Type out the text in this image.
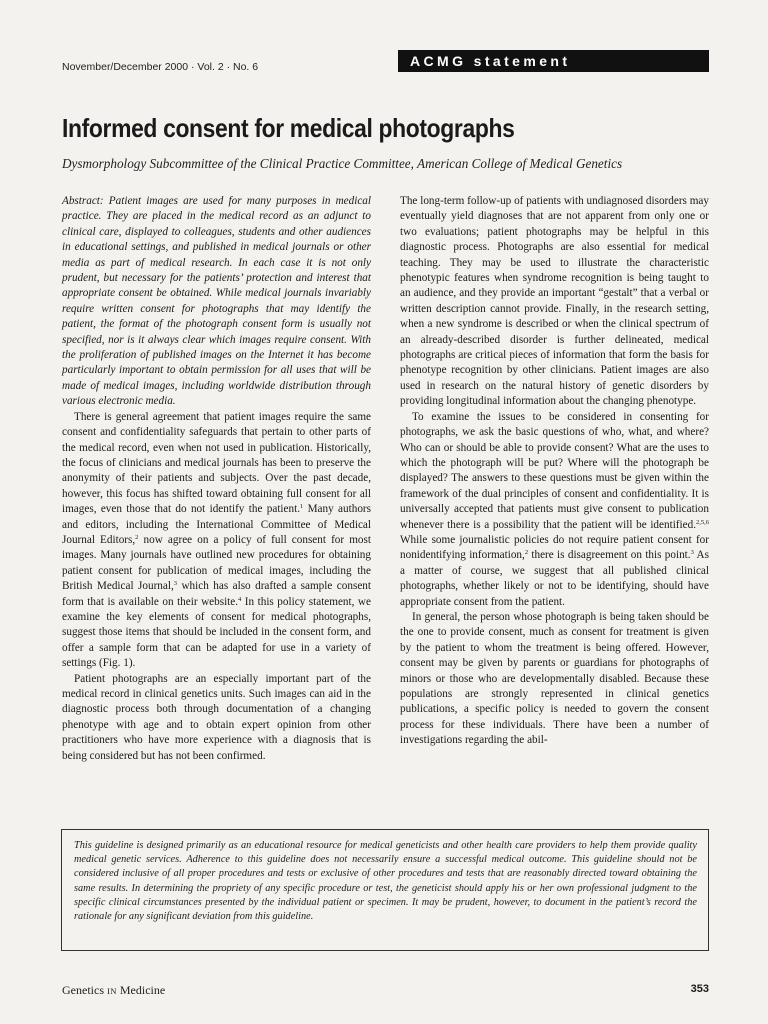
November/December 2000 · Vol. 2 · No. 6	ACMG statement
Informed consent for medical photographs
Dysmorphology Subcommittee of the Clinical Practice Committee, American College of Medical Genetics

Abstract: Patient images are used for many purposes in medical practice. They are placed in the medical record as an adjunct to clinical care, displayed to colleagues, students and other audiences in educational settings, and published in medical journals or other media as part of medical research. In each case it is not only prudent, but necessary for the patients’ protection and interest that appropriate consent be obtained. While medical journals invariably require written consent for photographs that may identify the patient, the format of the photograph consent form is usually not specified, nor is it always clear which images require consent. With the proliferation of published images on the Internet it has become particularly important to obtain permission for all uses that will be made of medical images, including worldwide distribution through various electronic media.

There is general agreement that patient images require the same consent and confidentiality safeguards that pertain to other parts of the medical record, even when not used in publication. Historically, the focus of clinicians and medical journals has been to preserve the anonymity of their patients and subjects. Over the past decade, however, this focus has shifted toward obtaining full consent for all images, even those that do not identify the patient.$^1$ Many authors and editors, including the International Committee of Medical Journal Editors,$^2$ now agree on a policy of full consent for most images. Many journals have outlined new procedures for obtaining patient consent for publication of medical images, including the British Medical Journal,$^3$ which has also drafted a sample consent form that is available on their website.$^4$ In this policy statement, we examine the key elements of consent for medical photographs, suggest those items that should be included in the consent form, and offer a sample form that can be adapted for use in a variety of settings (Fig. 1).

Patient photographs are an especially important part of the medical record in clinical genetics units. Such images can aid in the diagnostic process both through documentation of a changing phenotype with age and to obtain expert opinion from other practitioners who have more experience with a diagnosis that is being considered but has not been confirmed.

The long-term follow-up of patients with undiagnosed disorders may eventually yield diagnoses that are not apparent from only one or two evaluations; patient photographs may be helpful in this diagnostic process. Photographs are also essential for medical teaching. They may be used to illustrate the characteristic phenotypic features when syndrome recognition is being taught to an audience, and they provide an important “gestalt” that a verbal or written description cannot provide. Finally, in the research setting, when a new syndrome is described or when the clinical spectrum of an already-described disorder is further delineated, medical photographs are critical pieces of information that form the basis for phenotype recognition by other clinicians. Patient images are also used in research on the natural history of genetic disorders by providing longitudinal information about the changing phenotype.

To examine the issues to be considered in consenting for photographs, we ask the basic questions of who, what, and where? Who can or should be able to provide consent? What are the uses to which the photograph will be put? Where will the photograph be displayed? The answers to these questions must be given within the framework of the dual principles of consent and confidentiality. It is universally accepted that patients must give consent to publication whenever there is a possibility that the patient will be identified.$^{2,5,6}$ While some journalistic policies do not require patient consent for nonidentifying information,$^2$ there is disagreement on this point.$^3$ As a matter of course, we suggest that all published clinical photographs, whether likely or not to be identifying, should have appropriate consent from the patient.

In general, the person whose photograph is being taken should be the one to provide consent, much as consent for treatment is given by the patient to whom the treatment is being offered. However, consent may be given by parents or guardians for photographs of minors or those who are developmentally disabled. Because these populations are strongly represented in clinical genetics publications, a specific policy is needed to govern the consent process for these individuals. There have been a number of investigations regarding the abil-

This guideline is designed primarily as an educational resource for medical geneticists and other health care providers to help them provide quality medical genetic services. Adherence to this guideline does not necessarily ensure a successful medical outcome. This guideline should not be considered inclusive of all proper procedures and tests or exclusive of other procedures and tests that are reasonably directed toward obtaining the same results. In determining the propriety of any specific procedure or test, the geneticist should apply his or her own professional judgment to the specific clinical circumstances presented by the individual patient or specimen. It may be prudent, however, to document in the patient’s record the rationale for any significant deviation from this guideline.
Genetics IN Medicine	353
